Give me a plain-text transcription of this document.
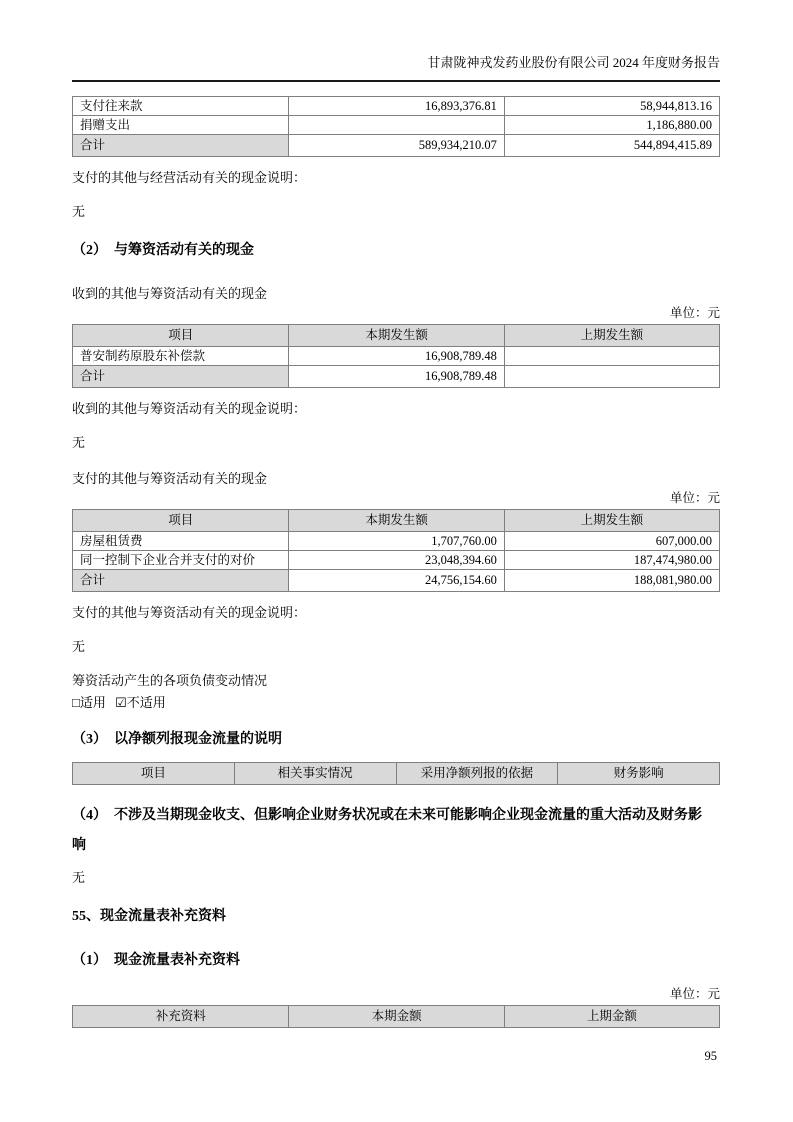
甘肃陇神戎发药业股份有限公司 2024 年度财务报告
支付往来款	16,893,376.81	58,944,813.16
捐赠支出		1,186,880.00
合计	589,934,210.07	544,894,415.89
支付的其他与经营活动有关的现金说明：
无
（2）　与筹资活动有关的现金
收到的其他与筹资活动有关的现金
单位：元
项目	本期发生额	上期发生额
普安制药原股东补偿款	16,908,789.48	
合计	16,908,789.48	
收到的其他与筹资活动有关的现金说明：
无
支付的其他与筹资活动有关的现金
单位：元
项目	本期发生额	上期发生额
房屋租赁费	1,707,760.00	607,000.00
同一控制下企业合并支付的对价	23,048,394.60	187,474,980.00
合计	24,756,154.60	188,081,980.00
支付的其他与筹资活动有关的现金说明：
无
筹资活动产生的各项负债变动情况
□适用 ☑不适用
（3）　以净额列报现金流量的说明
项目	相关事实情况	采用净额列报的依据	财务影响
（4）　不涉及当期现金收支、但影响企业财务状况或在未来可能影响企业现金流量的重大活动及财务影响
无
55、现金流量表补充资料
（1）　现金流量表补充资料
单位：元
补充资料	本期金额	上期金额
95
